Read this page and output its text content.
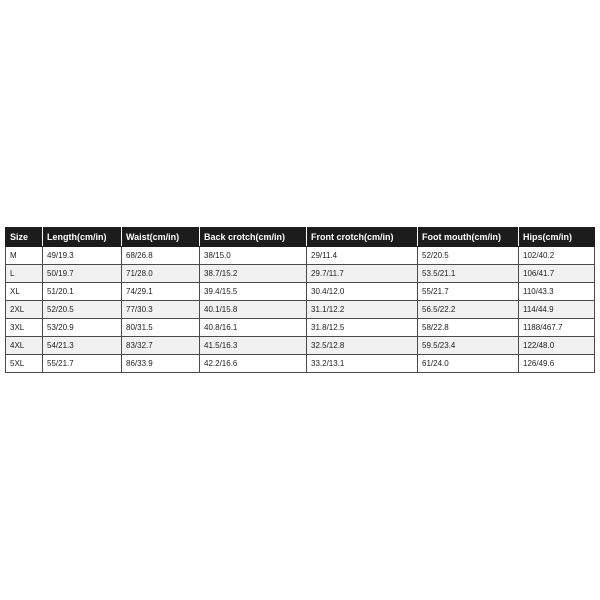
Size	Length(cm/in)	Waist(cm/in)	Back crotch(cm/in)	Front crotch(cm/in)	Foot mouth(cm/in)	Hips(cm/in)
M	49/19.3	68/26.8	38/15.0	29/11.4	52/20.5	102/40.2
L	50/19.7	71/28.0	38.7/15.2	29.7/11.7	53.5/21.1	106/41.7
XL	51/20.1	74/29.1	39.4/15.5	30.4/12.0	55/21.7	110/43.3
2XL	52/20.5	77/30.3	40.1/15.8	31.1/12.2	56.5/22.2	114/44.9
3XL	53/20.9	80/31.5	40.8/16.1	31.8/12.5	58/22.8	1188/467.7
4XL	54/21.3	83/32.7	41.5/16.3	32.5/12.8	59.5/23.4	122/48.0
5XL	55/21.7	86/33.9	42.2/16.6	33.2/13.1	61/24.0	126/49.6
